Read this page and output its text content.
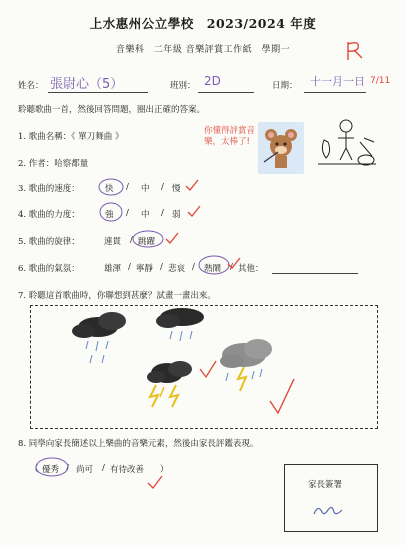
上水惠州公立學校　2023/2024 年度
音樂科　二年級 音樂評賞工作紙　學期一
7/11
姓名： 張尉心（5）	班別： 2D	日期： 十一月一日
聆聽歌曲一首，然後回答問題，圈出正確的答案。
1. 歌曲名稱：《 單刀舞曲 》
2. 作者：哈察都量
你懂得評賞音樂，太棒了!
3. 歌曲的速度：	快 / 中 / 慢
4. 歌曲的力度：	強 / 中 / 弱
5. 歌曲的旋律：	連貫 / 跳躍
6. 歌曲的氣氛：	雄渾 / 寧靜 / 悲哀 / 熱鬧 / 其他：
7. 聆聽這首歌曲時，你聯想到甚麼？試畫一畫出來。
8. 同學向家長簡述以上樂曲的音樂元素，然後由家長評鑑表現。
（ 優秀 / 尚可 / 有待改善 ）
家長簽署
